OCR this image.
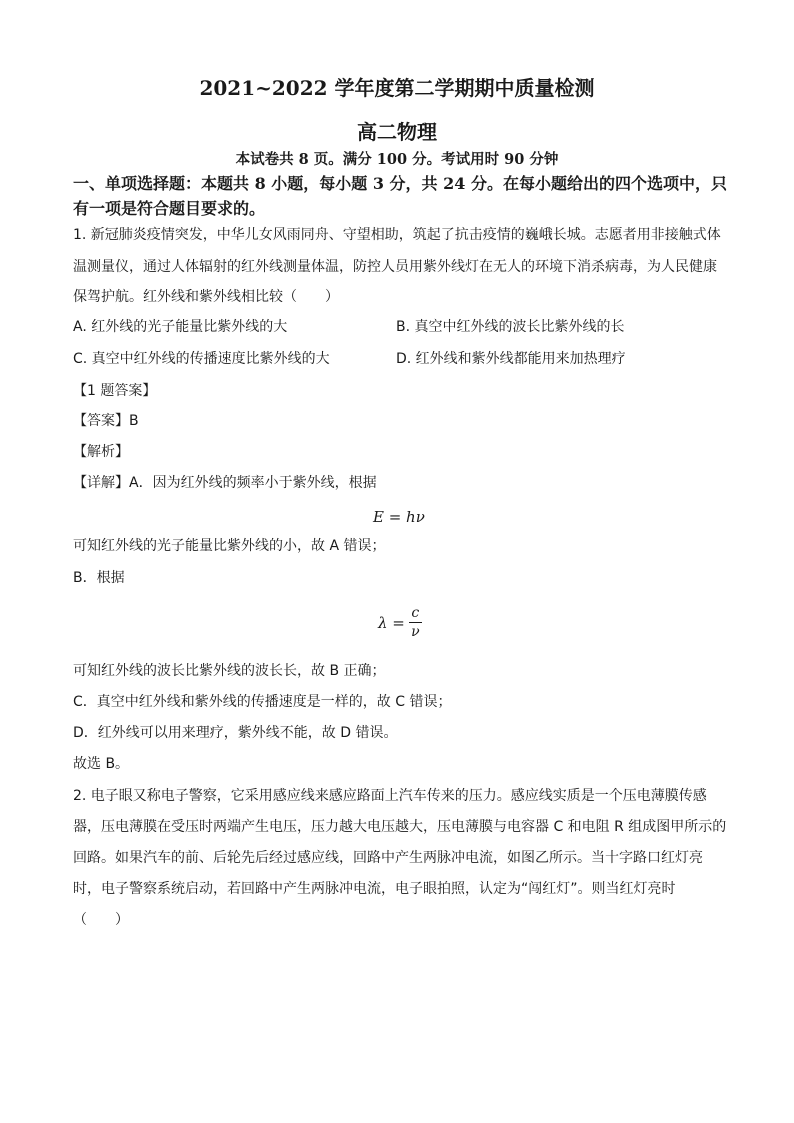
2021~2022 学年度第二学期期中质量检测
高二物理
本试卷共 8 页。满分 100 分。考试用时 90 分钟
一、单项选择题：本题共 8 小题，每小题 3 分，共 24 分。在每小题给出的四个选项中，只
有一项是符合题目要求的。
1. 新冠肺炎疫情突发，中华儿女风雨同舟、守望相助，筑起了抗击疫情的巍峨长城。志愿者用非接触式体
温测量仪，通过人体辐射的红外线测量体温，防控人员用紫外线灯在无人的环境下消杀病毒，为人民健康
保驾护航。红外线和紫外线相比较（　　）
A. 红外线的光子能量比紫外线的大	B. 真空中红外线的波长比紫外线的长
C. 真空中红外线的传播速度比紫外线的大	D. 红外线和紫外线都能用来加热理疗
【1 题答案】
【答案】B
【解析】
【详解】A．因为红外线的频率小于紫外线，根据
E = hν
可知红外线的光子能量比紫外线的小，故 A 错误；
B．根据
$\lambda = \frac{c}{\nu}$
可知红外线的波长比紫外线的波长长，故 B 正确；
C．真空中红外线和紫外线的传播速度是一样的，故 C 错误；
D．红外线可以用来理疗，紫外线不能，故 D 错误。
故选 B。
2. 电子眼又称电子警察，它采用感应线来感应路面上汽车传来的压力。感应线实质是一个压电薄膜传感
器，压电薄膜在受压时两端产生电压，压力越大电压越大，压电薄膜与电容器 C 和电阻 R 组成图甲所示的
回路。如果汽车的前、后轮先后经过感应线，回路中产生两脉冲电流，如图乙所示。当十字路口红灯亮
时，电子警察系统启动，若回路中产生两脉冲电流，电子眼拍照，认定为“闯红灯”。则当红灯亮时
（　　）
